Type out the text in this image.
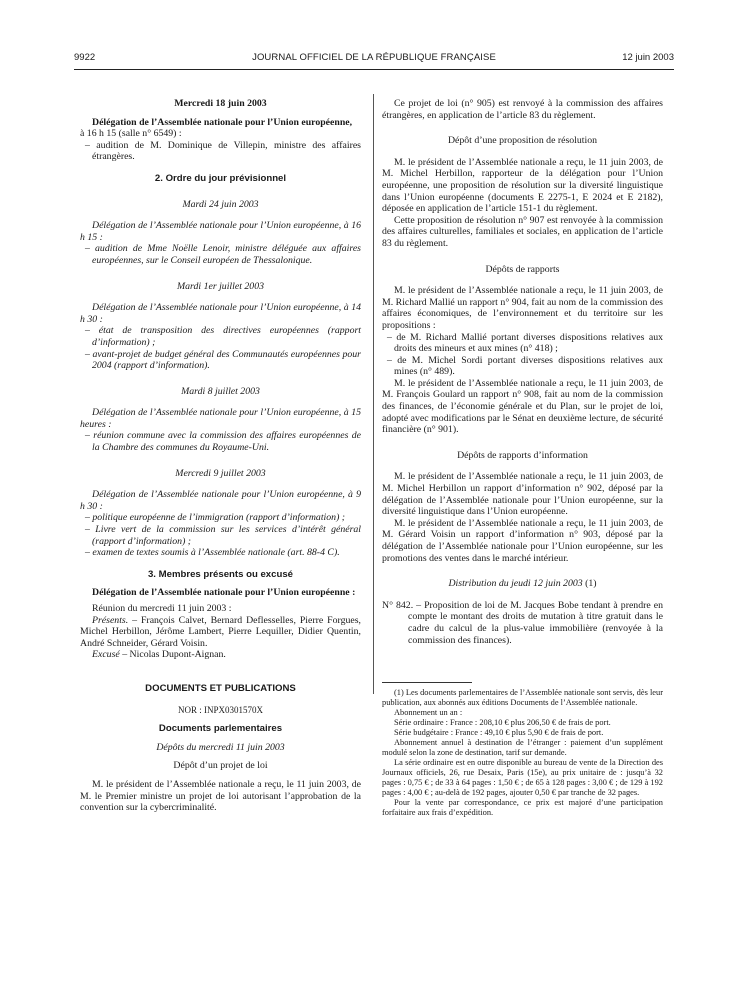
9922	JOURNAL OFFICIEL DE LA RÉPUBLIQUE FRANÇAISE	12 juin 2003

Mercredi 18 juin 2003

Délégation de l’Assemblée nationale pour l’Union européenne,

à 16 h 15 (salle n° 6549) :

– audition de M. Dominique de Villepin, ministre des affaires étrangères.

2. Ordre du jour prévisionnel

Mardi 24 juin 2003

Délégation de l’Assemblée nationale pour l’Union européenne, à 16 h 15 :

– audition de Mme Noëlle Lenoir, ministre déléguée aux affaires européennes, sur le Conseil européen de Thessalonique.

Mardi 1er juillet 2003

Délégation de l’Assemblée nationale pour l’Union européenne, à 14 h 30 :

– état de transposition des directives européennes (rapport d’information) ;

– avant-projet de budget général des Communautés européennes pour 2004 (rapport d’information).

Mardi 8 juillet 2003

Délégation de l’Assemblée nationale pour l’Union européenne, à 15 heures :

– réunion commune avec la commission des affaires européennes de la Chambre des communes du Royaume-Uni.

Mercredi 9 juillet 2003

Délégation de l’Assemblée nationale pour l’Union européenne, à 9 h 30 :

– politique européenne de l’immigration (rapport d’information) ;

– Livre vert de la commission sur les services d’intérêt général (rapport d’information) ;

– examen de textes soumis à l’Assemblée nationale (art. 88-4 C).

3. Membres présents ou excusé

Délégation de l’Assemblée nationale pour l’Union européenne :

Réunion du mercredi 11 juin 2003 :

Présents. – François Calvet, Bernard Deflesselles, Pierre Forgues, Michel Herbillon, Jérôme Lambert, Pierre Lequiller, Didier Quentin, André Schneider, Gérard Voisin.

Excusé – Nicolas Dupont-Aignan.

DOCUMENTS ET PUBLICATIONS

NOR : INPX0301570X

Documents parlementaires

Dépôts du mercredi 11 juin 2003

Dépôt d’un projet de loi

M. le président de l’Assemblée nationale a reçu, le 11 juin 2003, de M. le Premier ministre un projet de loi autorisant l’approbation de la convention sur la cybercriminalité.

Ce projet de loi (n° 905) est renvoyé à la commission des affaires étrangères, en application de l’article 83 du règlement.

Dépôt d’une proposition de résolution

M. le président de l’Assemblée nationale a reçu, le 11 juin 2003, de M. Michel Herbillon, rapporteur de la délégation pour l’Union européenne, une proposition de résolution sur la diversité linguistique dans l’Union européenne (documents E 2275-1, E 2024 et E 2182), déposée en application de l’article 151-1 du règlement.

Cette proposition de résolution n° 907 est renvoyée à la commission des affaires culturelles, familiales et sociales, en application de l’article 83 du règlement.

Dépôts de rapports

M. le président de l’Assemblée nationale a reçu, le 11 juin 2003, de M. Richard Mallié un rapport n° 904, fait au nom de la commission des affaires économiques, de l’environnement et du territoire sur les propositions :

– de M. Richard Mallié portant diverses dispositions relatives aux droits des mineurs et aux mines (n° 418) ;

– de M. Michel Sordi portant diverses dispositions relatives aux mines (n° 489).

M. le président de l’Assemblée nationale a reçu, le 11 juin 2003, de M. François Goulard un rapport n° 908, fait au nom de la commission des finances, de l’économie générale et du Plan, sur le projet de loi, adopté avec modifications par le Sénat en deuxième lecture, de sécurité financière (n° 901).

Dépôts de rapports d’information

M. le président de l’Assemblée nationale a reçu, le 11 juin 2003, de M. Michel Herbillon un rapport d’information n° 902, déposé par la délégation de l’Assemblée nationale pour l’Union européenne, sur la diversité linguistique dans l’Union européenne.

M. le président de l’Assemblée nationale a reçu, le 11 juin 2003, de M. Gérard Voisin un rapport d’information n° 903, déposé par la délégation de l’Assemblée nationale pour l’Union européenne, sur les promotions des ventes dans le marché intérieur.

Distribution du jeudi 12 juin 2003 (1)

N° 842. – Proposition de loi de M. Jacques Bobe tendant à prendre en compte le montant des droits de mutation à titre gratuit dans le cadre du calcul de la plus-value immobilière (renvoyée à la commission des finances).

(1) Les documents parlementaires de l’Assemblée nationale sont servis, dès leur publication, aux abonnés aux éditions Documents de l’Assemblée nationale.

Abonnement un an :

Série ordinaire : France : 208,10 € plus 206,50 € de frais de port.

Série budgétaire : France : 49,10 € plus 5,90 € de frais de port.

Abonnement annuel à destination de l’étranger : paiement d’un supplément modulé selon la zone de destination, tarif sur demande.

La série ordinaire est en outre disponible au bureau de vente de la Direction des Journaux officiels, 26, rue Desaix, Paris (15e), au prix unitaire de : jusqu’à 32 pages : 0,75 € ; de 33 à 64 pages : 1,50 € ; de 65 à 128 pages : 3,00 € ; de 129 à 192 pages : 4,00 € ; au-delà de 192 pages, ajouter 0,50 € par tranche de 32 pages.

Pour la vente par correspondance, ce prix est majoré d’une participation forfaitaire aux frais d’expédition.
